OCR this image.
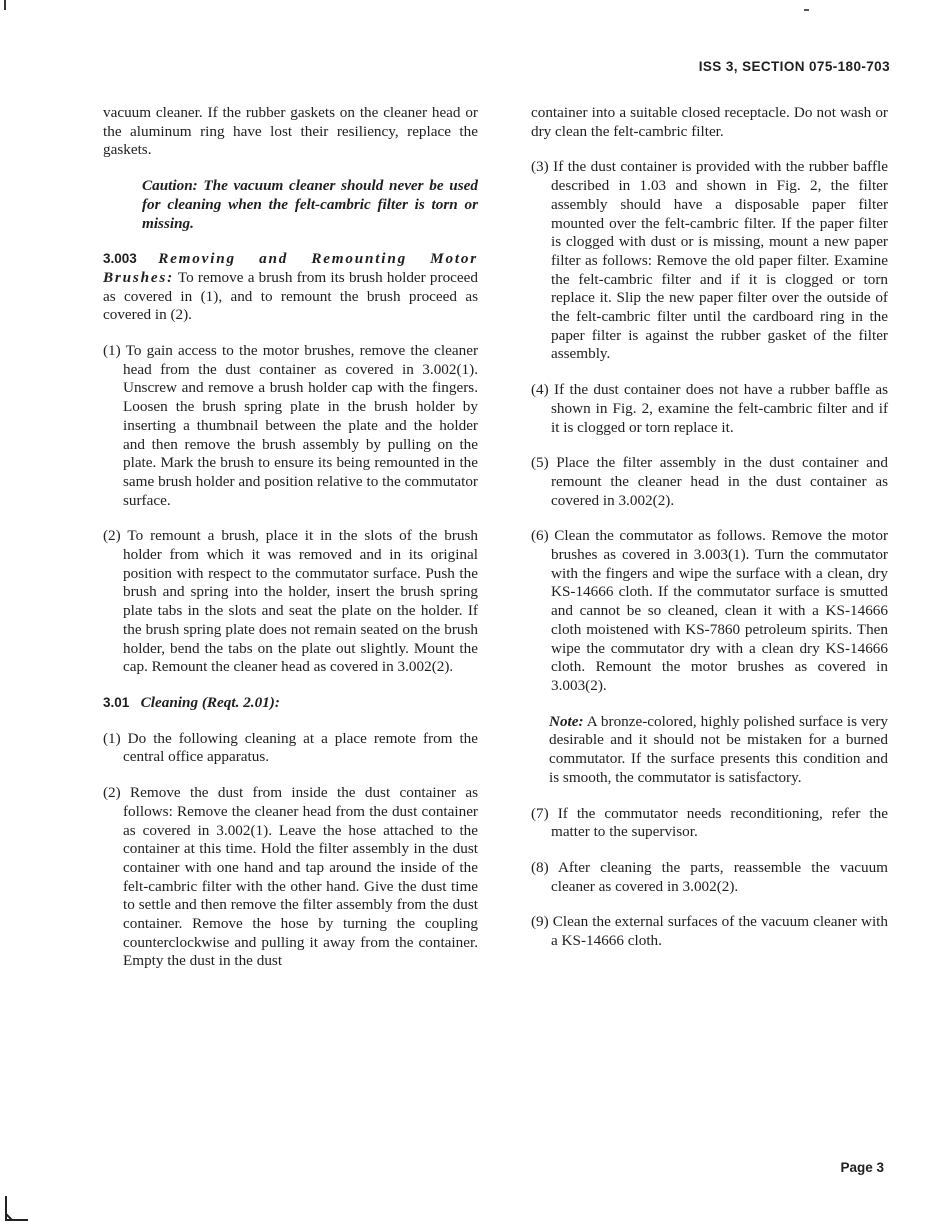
ISS 3, SECTION 075-180-703

vacuum cleaner. If the rubber gaskets on the cleaner head or the aluminum ring have lost their resiliency, replace the gaskets.

Caution: The vacuum cleaner should never be used for cleaning when the felt-cambric filter is torn or missing.

3.003 Removing and Remounting Motor Brushes: To remove a brush from its brush holder proceed as covered in (1), and to remount the brush proceed as covered in (2).

(1) To gain access to the motor brushes, remove the cleaner head from the dust container as covered in 3.002(1). Unscrew and remove a brush holder cap with the fingers. Loosen the brush spring plate in the brush holder by inserting a thumbnail between the plate and the holder and then remove the brush assembly by pulling on the plate. Mark the brush to ensure its being remounted in the same brush holder and position relative to the commutator surface.

(2) To remount a brush, place it in the slots of the brush holder from which it was removed and in its original position with respect to the commutator surface. Push the brush and spring into the holder, insert the brush spring plate tabs in the slots and seat the plate on the holder. If the brush spring plate does not remain seated on the brush holder, bend the tabs on the plate out slightly. Mount the cap. Remount the cleaner head as covered in 3.002(2).

3.01 Cleaning (Reqt. 2.01):

(1) Do the following cleaning at a place remote from the central office apparatus.

(2) Remove the dust from inside the dust container as follows: Remove the cleaner head from the dust container as covered in 3.002(1). Leave the hose attached to the container at this time. Hold the filter assembly in the dust container with one hand and tap around the inside of the felt-cambric filter with the other hand. Give the dust time to settle and then remove the filter assembly from the dust container. Remove the hose by turning the coupling counterclockwise and pulling it away from the container. Empty the dust in the dust

container into a suitable closed receptacle. Do not wash or dry clean the felt-cambric filter.

(3) If the dust container is provided with the rubber baffle described in 1.03 and shown in Fig. 2, the filter assembly should have a disposable paper filter mounted over the felt-cambric filter. If the paper filter is clogged with dust or is missing, mount a new paper filter as follows: Remove the old paper filter. Examine the felt-cambric filter and if it is clogged or torn replace it. Slip the new paper filter over the outside of the felt-cambric filter until the cardboard ring in the paper filter is against the rubber gasket of the filter assembly.

(4) If the dust container does not have a rubber baffle as shown in Fig. 2, examine the felt-cambric filter and if it is clogged or torn replace it.

(5) Place the filter assembly in the dust container and remount the cleaner head in the dust container as covered in 3.002(2).

(6) Clean the commutator as follows. Remove the motor brushes as covered in 3.003(1). Turn the commutator with the fingers and wipe the surface with a clean, dry KS-14666 cloth. If the commutator surface is smutted and cannot be so cleaned, clean it with a KS-14666 cloth moistened with KS-7860 petroleum spirits. Then wipe the commutator dry with a clean dry KS-14666 cloth. Remount the motor brushes as covered in 3.003(2).

Note: A bronze-colored, highly polished surface is very desirable and it should not be mistaken for a burned commutator. If the surface presents this condition and is smooth, the commutator is satisfactory.

(7) If the commutator needs reconditioning, refer the matter to the supervisor.

(8) After cleaning the parts, reassemble the vacuum cleaner as covered in 3.002(2).

(9) Clean the external surfaces of the vacuum cleaner with a KS-14666 cloth.

Page 3
